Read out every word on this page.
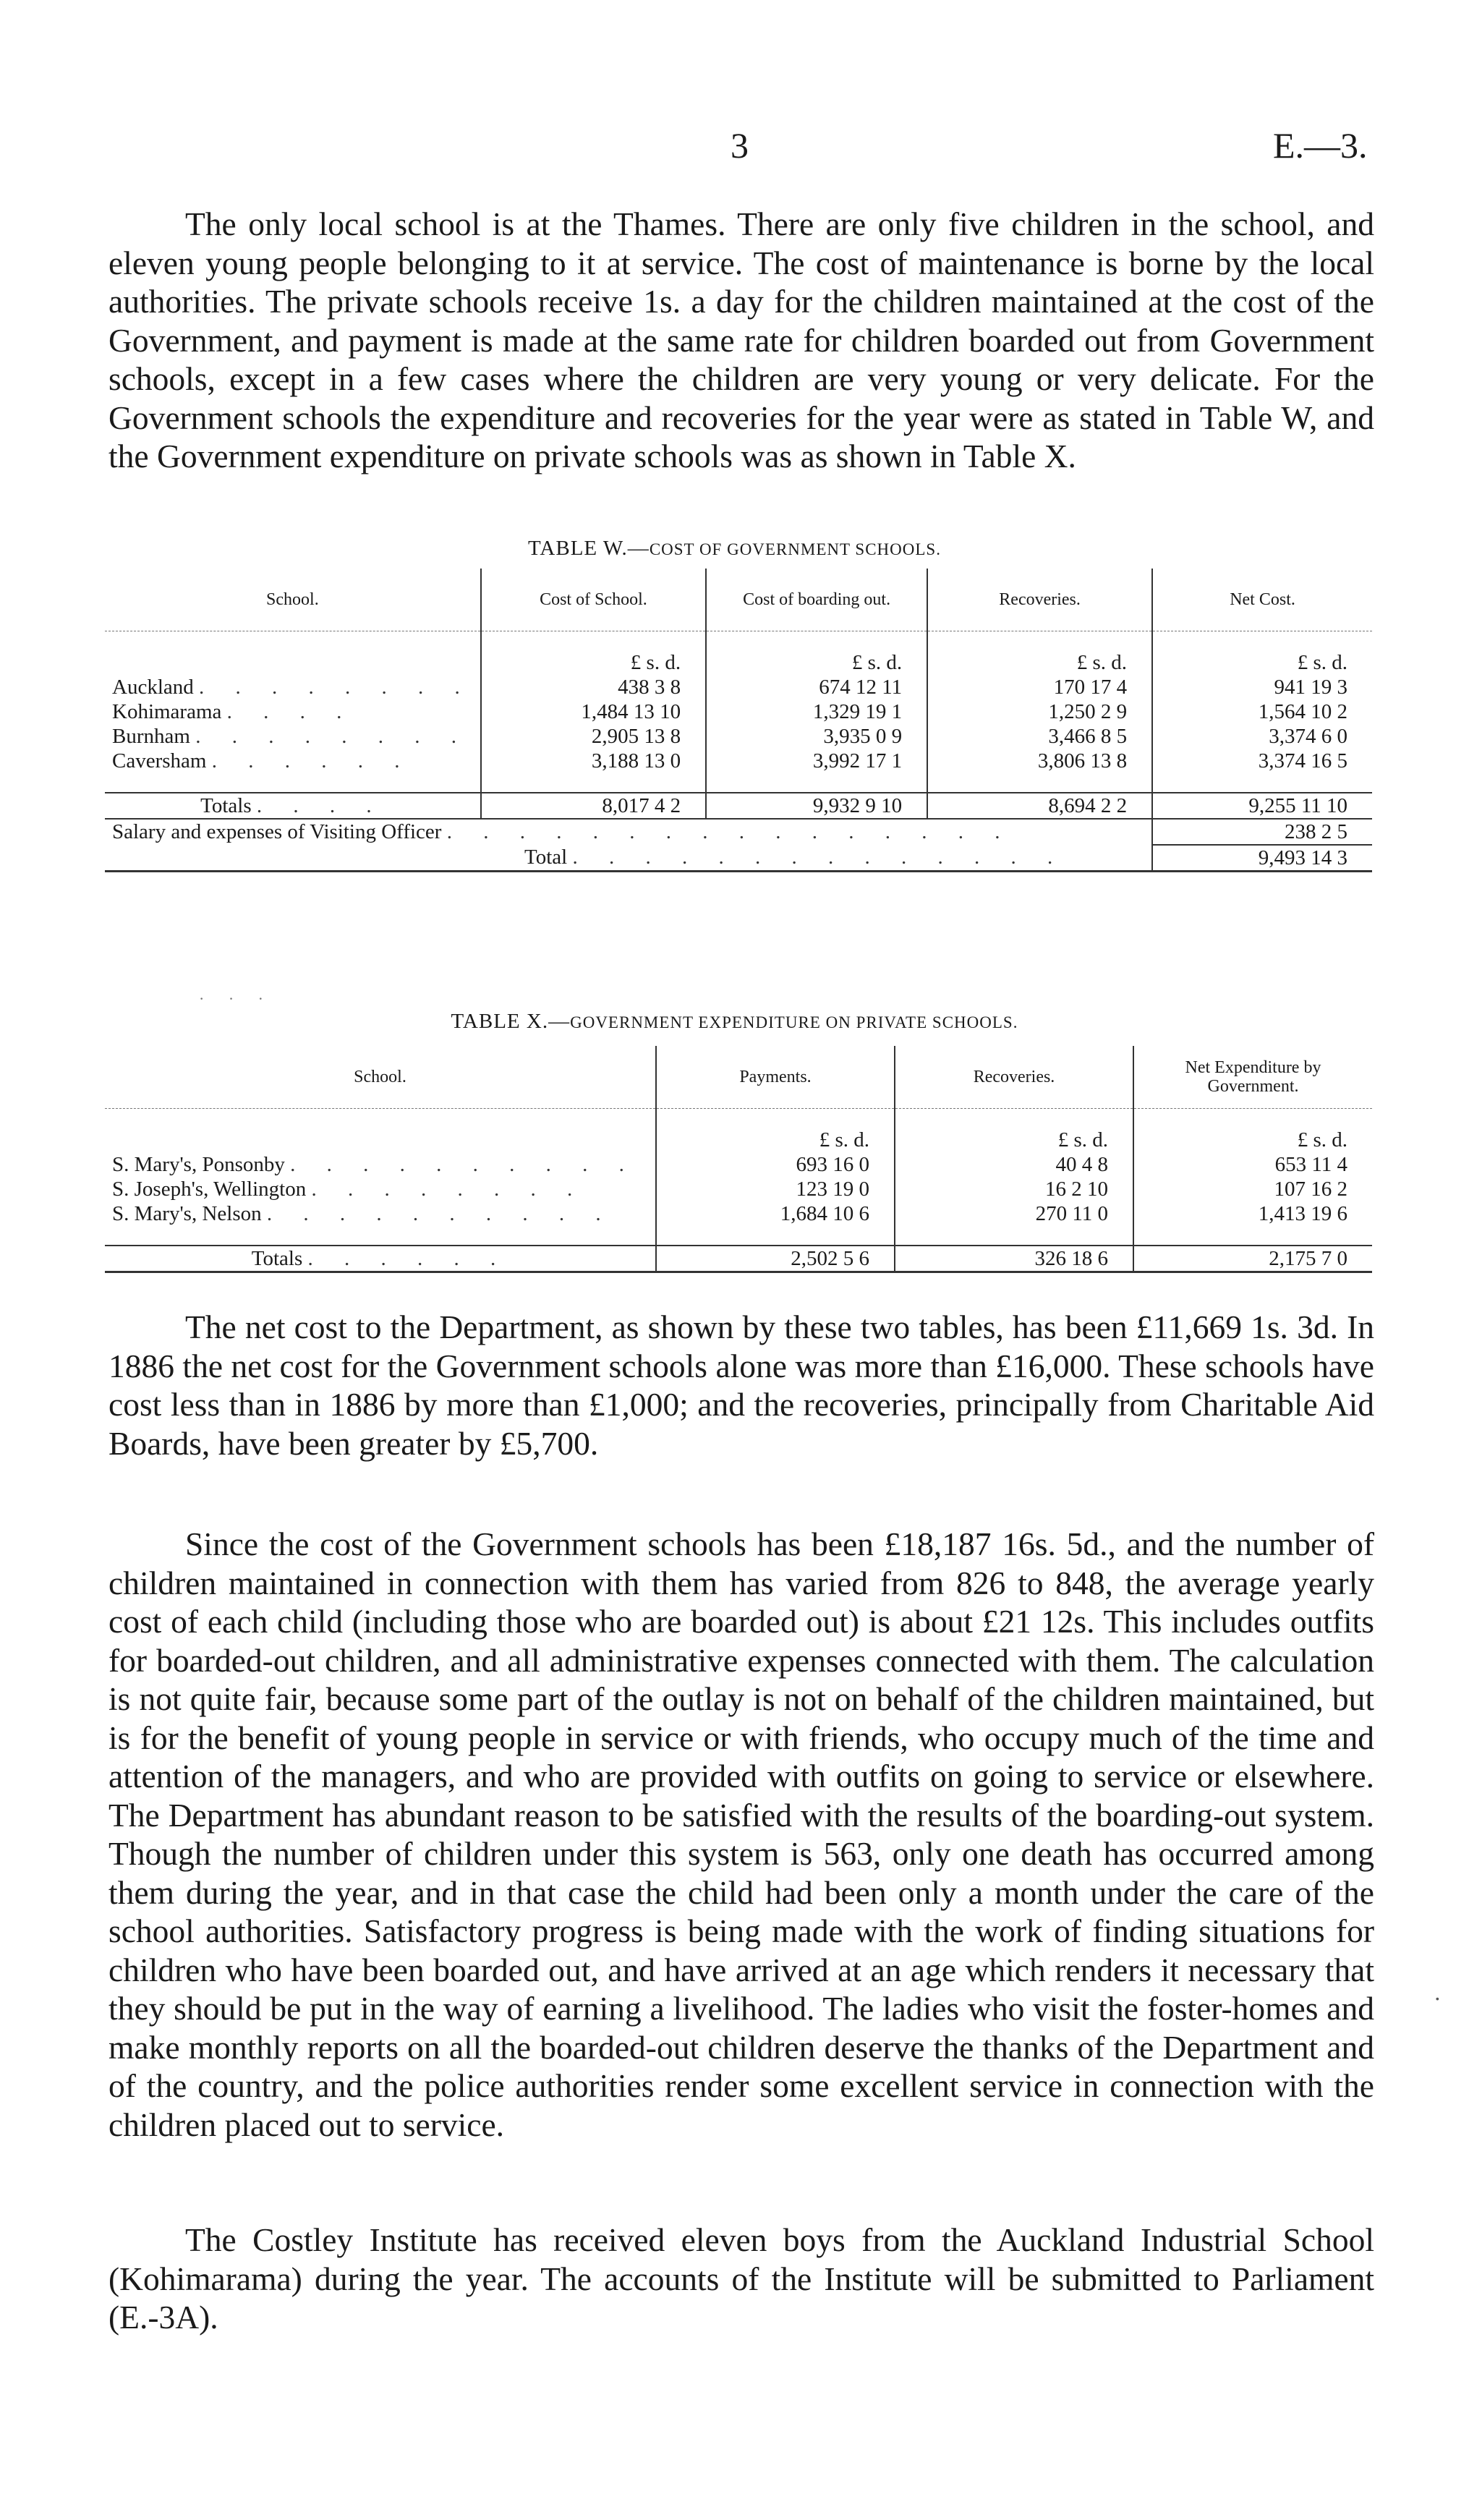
3	E.—3.

The only local school is at the Thames. There are only five children in the school, and eleven young people belonging to it at service. The cost of maintenance is borne by the local authorities. The private schools receive 1s. a day for the children maintained at the cost of the Government, and payment is made at the same rate for children boarded out from Government schools, except in a few cases where the children are very young or very delicate. For the Government schools the expenditure and recoveries for the year were as stated in Table W, and the Government expenditure on private schools was as shown in Table X.

TABLE W.—COST OF GOVERNMENT SCHOOLS.
School.	Cost of School.	Cost of boarding out.	Recoveries.	Net Cost.

	£ s. d.	£ s. d.	£ s. d.	£ s. d.
Auckland . . . . . . . .	438 3 8	674 12 11	170 17 4	941 19 3
Kohimarama . . . .	1,484 13 10	1,329 19 1	1,250 2 9	1,564 10 2
Burnham . . . . . . . .	2,905 13 8	3,935 0 9	3,466 8 5	3,374 6 0
Caversham . . . . . .	3,188 13 0	3,992 17 1	3,806 13 8	3,374 16 5

Totals . . . .	8,017 4 2	9,932 9 10	8,694 2 2	9,255 11 10
Salary and expenses of Visiting Officer . . . . . . . . . . . . . . . .				238 2 5
Total . . . . . . . . . . . . . .				9,493 14 3
· · ·
TABLE X.—GOVERNMENT EXPENDITURE ON PRIVATE SCHOOLS.
School.	Payments.	Recoveries.	Net Expenditure by Government.

	£ s. d.	£ s. d.	£ s. d.
S. Mary's, Ponsonby . . . . . . . . . .	693 16 0	40 4 8	653 11 4
S. Joseph's, Wellington . . . . . . . .	123 19 0	16 2 10	107 16 2
S. Mary's, Nelson . . . . . . . . . .	1,684 10 6	270 11 0	1,413 19 6

Totals . . . . . .	2,502 5 6	326 18 6	2,175 7 0

The net cost to the Department, as shown by these two tables, has been £11,669 1s. 3d. In 1886 the net cost for the Government schools alone was more than £16,000. These schools have cost less than in 1886 by more than £1,000; and the recoveries, principally from Charitable Aid Boards, have been greater by £5,700.

Since the cost of the Government schools has been £18,187 16s. 5d., and the number of children maintained in connection with them has varied from 826 to 848, the average yearly cost of each child (including those who are boarded out) is about £21 12s. This includes outfits for boarded-out children, and all administrative expenses connected with them. The calculation is not quite fair, because some part of the outlay is not on behalf of the children maintained, but is for the benefit of young people in service or with friends, who occupy much of the time and attention of the managers, and who are provided with outfits on going to service or elsewhere. The Department has abundant reason to be satisfied with the results of the boarding-out system. Though the number of children under this system is 563, only one death has occurred among them during the year, and in that case the child had been only a month under the care of the school authorities. Satisfactory progress is being made with the work of finding situations for children who have been boarded out, and have arrived at an age which renders it necessary that they should be put in the way of earning a livelihood. The ladies who visit the foster-homes and make monthly reports on all the boarded-out children deserve the thanks of the Department and of the country, and the police authorities render some excellent service in connection with the children placed out to service.

The Costley Institute has received eleven boys from the Auckland Industrial School (Kohimarama) during the year. The accounts of the Institute will be submitted to Parliament (E.-3A).

·
